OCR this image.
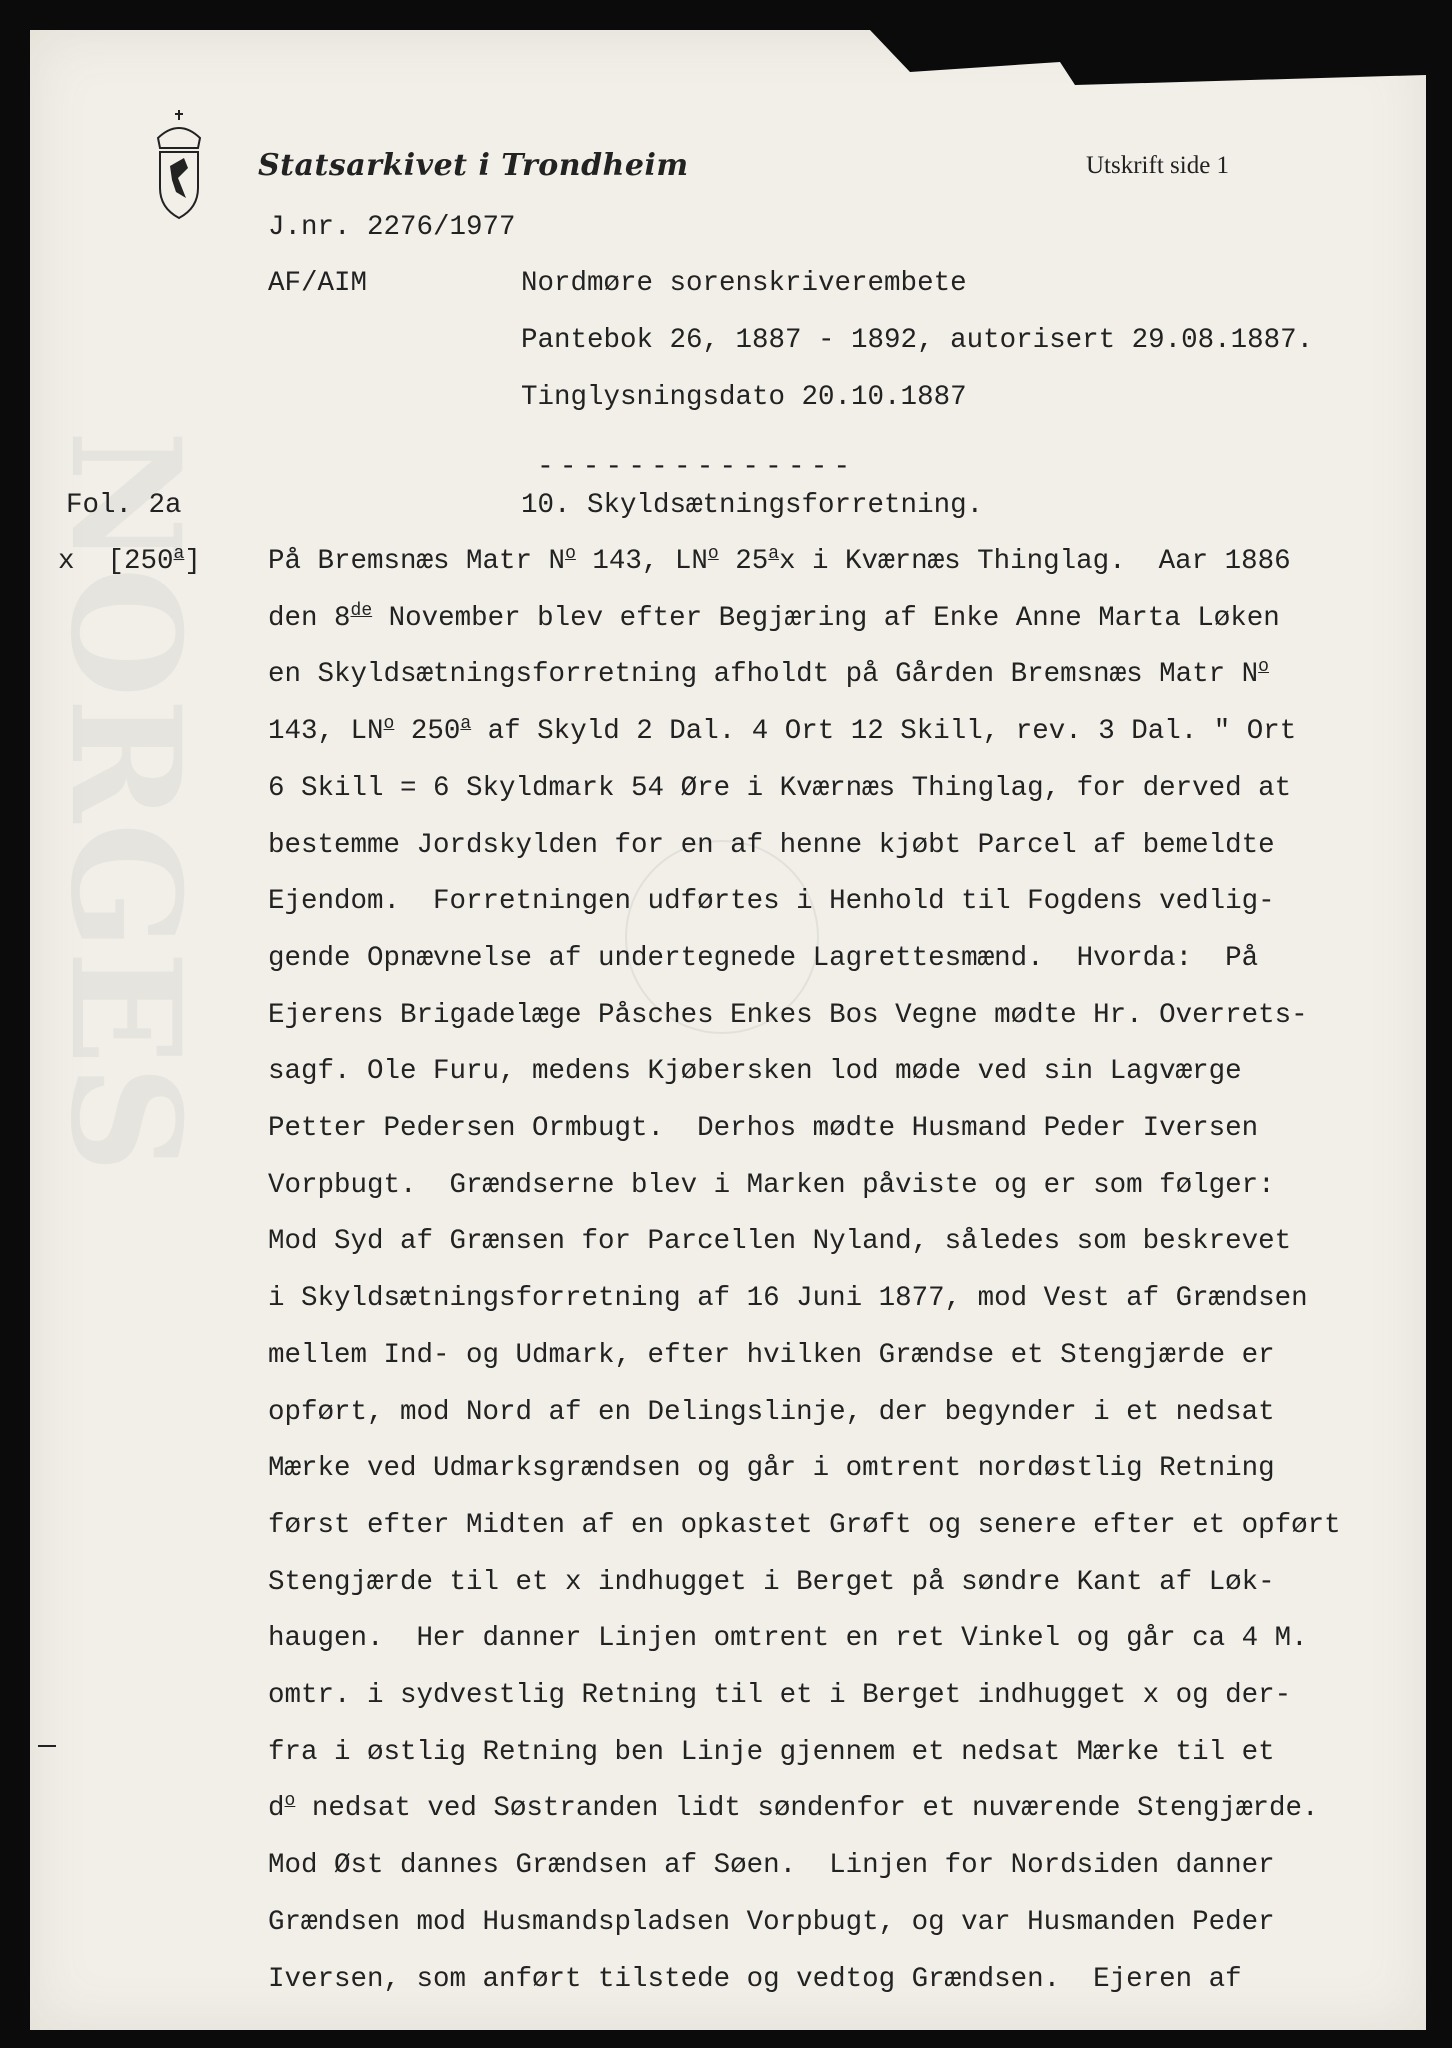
Statsarkivet i Trondheim	Utskrift side 1
J.nr. 2276/1977
AF/AIM	Nordmøre sorenskriverembete
Pantebok 26, 1887 - 1892, autorisert 29.08.1887.
Tinglysningsdato 20.10.1887
--------------
Fol. 2a
x [250$^a$]
10. Skyldsætningsforretning.
På Bremsnæs Matr $N^o$ 143, $LN^o$ 25$^a$x i Kværnæs Thinglag.  Aar 1886
den 8de November blev efter Begjæring af Enke Anne Marta Løken
en Skyldsætningsforretning afholdt på Gården Bremsnæs Matr $N^o$
143, $LN^o$ 250$^a$ af Skyld 2 Dal. 4 Ort 12 Skill, rev. 3 Dal. " Ort
6 Skill = 6 Skyldmark 54 Øre i Kværnæs Thinglag, for derved at
bestemme Jordskylden for en af henne kjøbt Parcel af bemeldte
Ejendom.  Forretningen udførtes i Henhold til Fogdens vedlig-
gende Opnævnelse af undertegnede Lagrettesmænd.  Hvorda:  På
Ejerens Brigadelæge Påsches Enkes Bos Vegne mødte Hr. Overrets-
sagf. Ole Furu, medens Kjøbersken lod møde ved sin Lagværge
Petter Pedersen Ormbugt.  Derhos mødte Husmand Peder Iversen
Vorpbugt.  Grændserne blev i Marken påviste og er som følger:
Mod Syd af Grænsen for Parcellen Nyland, således som beskrevet
i Skyldsætningsforretning af 16 Juni 1877, mod Vest af Grændsen
mellem Ind- og Udmark, efter hvilken Grændse et Stengjærde er
opført, mod Nord af en Delingslinje, der begynder i et nedsat
Mærke ved Udmarksgrændsen og går i omtrent nordøstlig Retning
først efter Midten af en opkastet Grøft og senere efter et opført
Stengjærde til et x indhugget i Berget på søndre Kant af Løk-
haugen.  Her danner Linjen omtrent en ret Vinkel og går ca 4 M.
omtr. i sydvestlig Retning til et i Berget indhugget x og der-
fra i østlig Retning ben Linje gjennem et nedsat Mærke til et
$d^o$ nedsat ved Søstranden lidt søndenfor et nuværende Stengjærde.
Mod Øst dannes Grændsen af Søen.  Linjen for Nordsiden danner
Grændsen mod Husmandspladsen Vorpbugt, og var Husmanden Peder
Iversen, som anført tilstede og vedtog Grændsen.  Ejeren af
